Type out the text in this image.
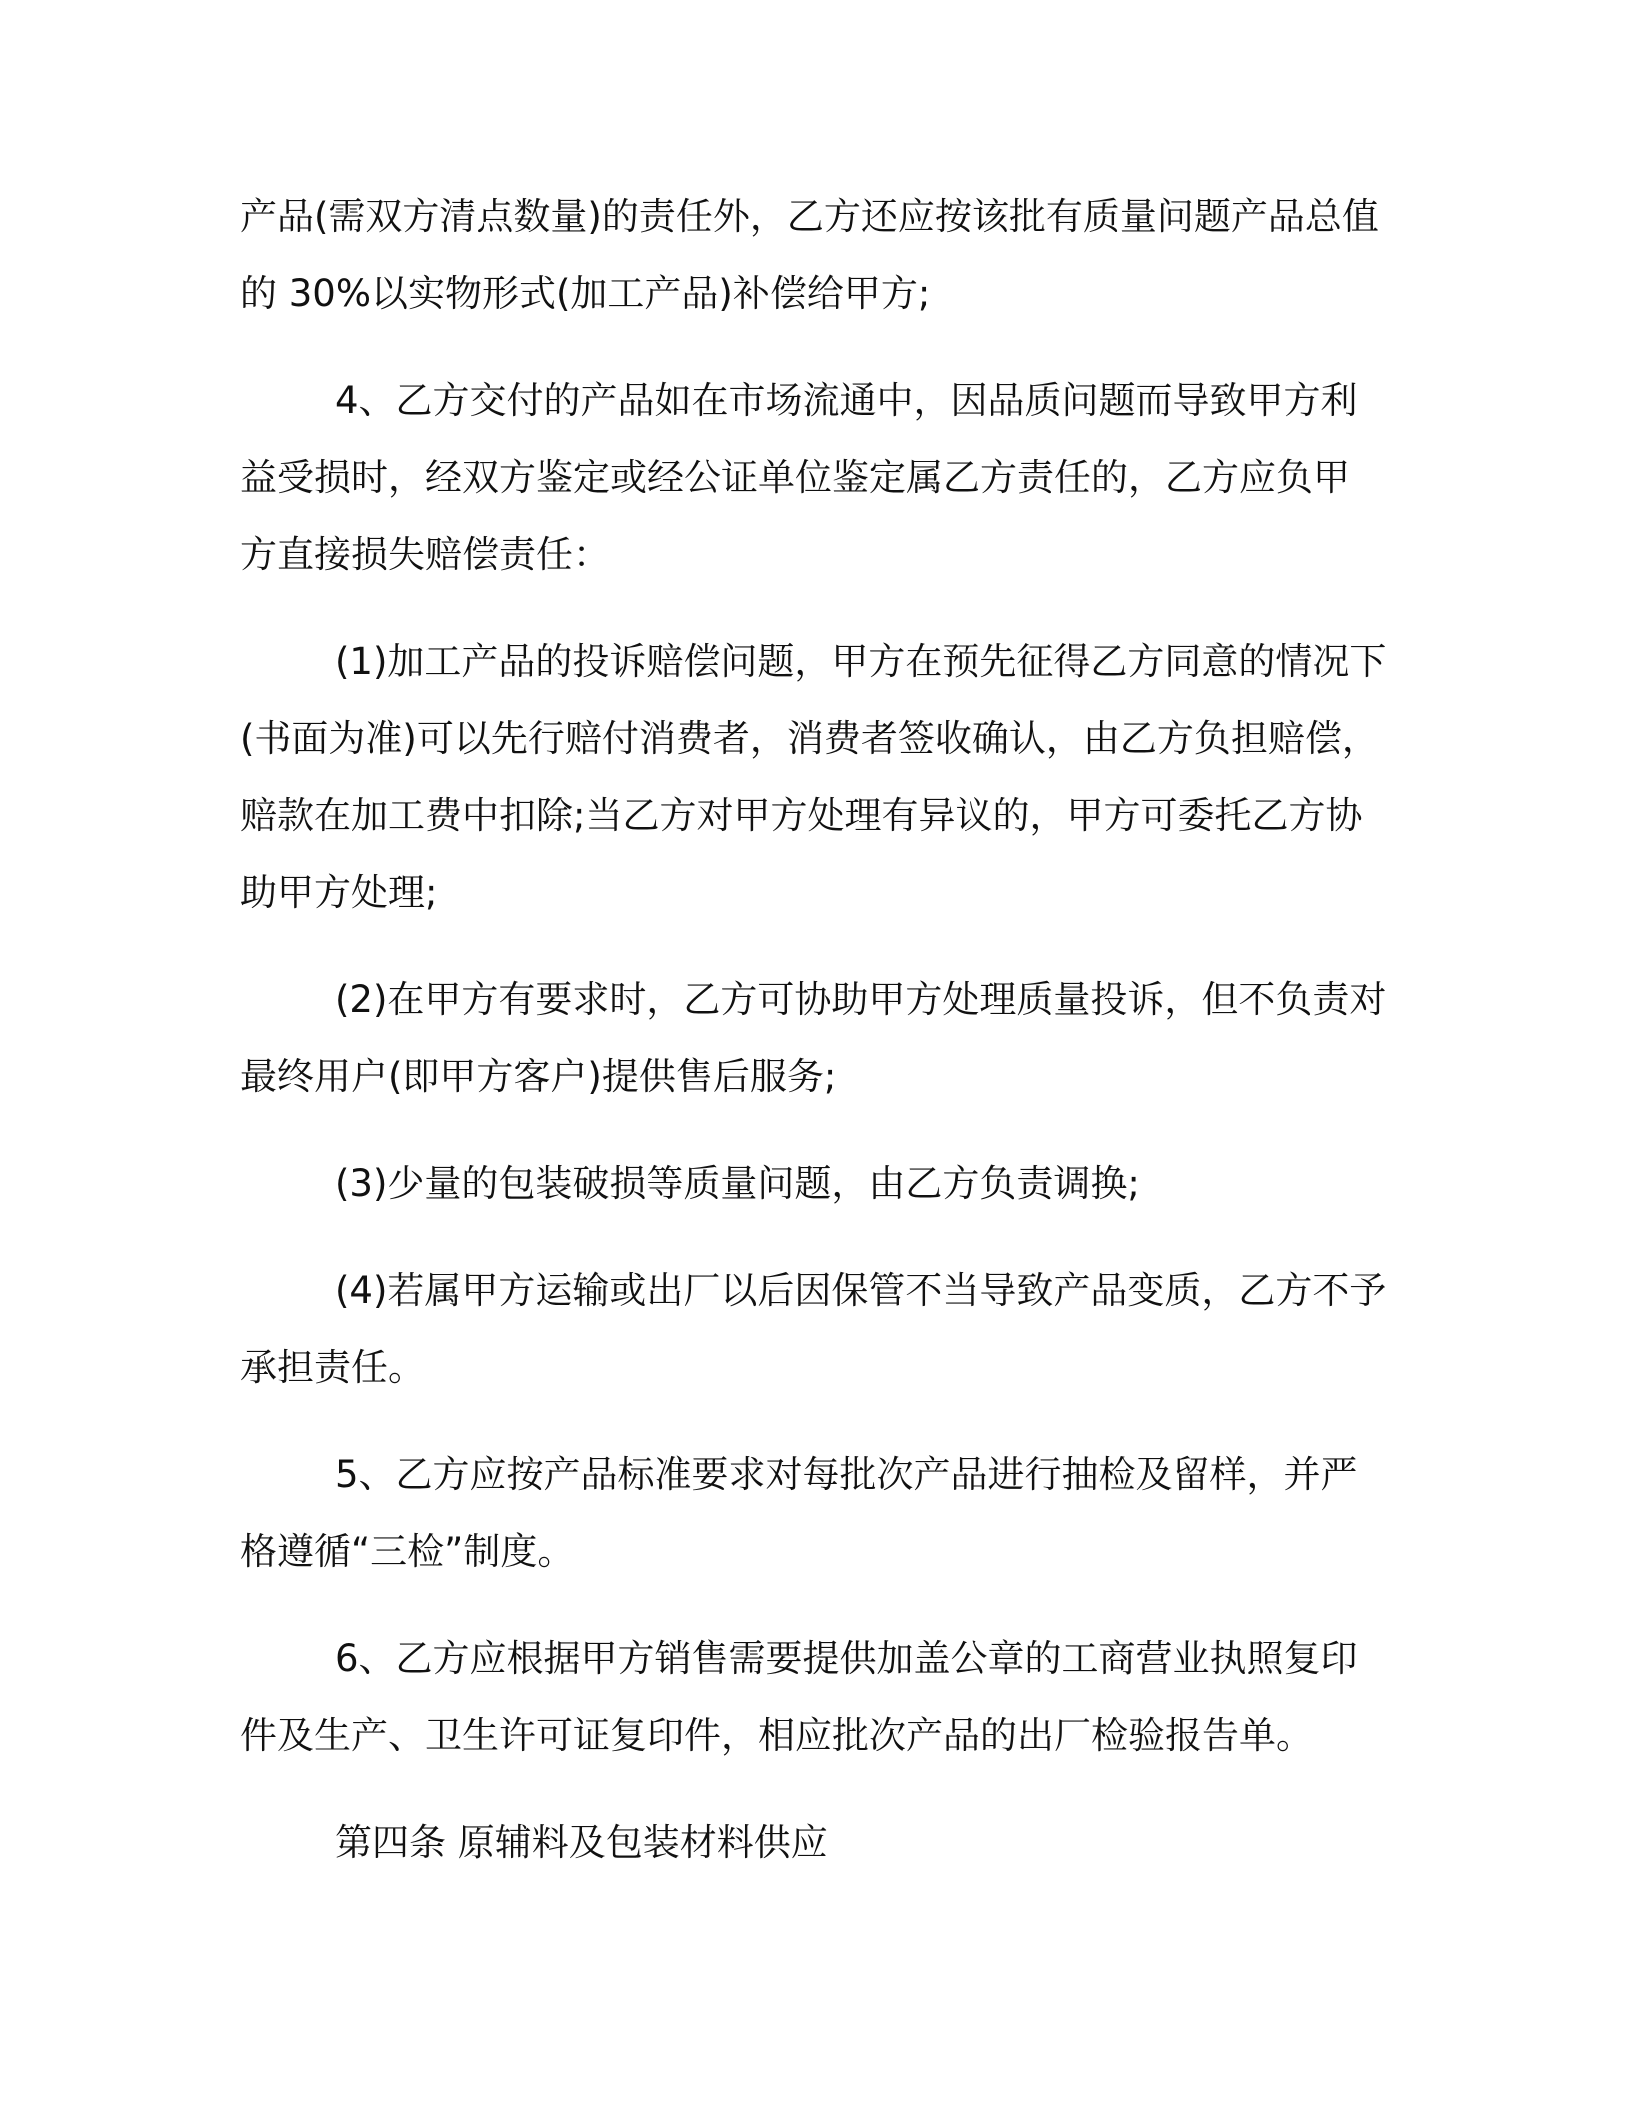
产品(需双方清点数量)的责任外，乙方还应按该批有质量问题产品总值
的 30%以实物形式(加工产品)补偿给甲方;

4、乙方交付的产品如在市场流通中，因品质问题而导致甲方利
益受损时，经双方鉴定或经公证单位鉴定属乙方责任的，乙方应负甲
方直接损失赔偿责任：

(1)加工产品的投诉赔偿问题，甲方在预先征得乙方同意的情况下
(书面为准)可以先行赔付消费者，消费者签收确认，由乙方负担赔偿，
赔款在加工费中扣除;当乙方对甲方处理有异议的，甲方可委托乙方协
助甲方处理;

(2)在甲方有要求时，乙方可协助甲方处理质量投诉，但不负责对
最终用户(即甲方客户)提供售后服务;

(3)少量的包装破损等质量问题，由乙方负责调换;

(4)若属甲方运输或出厂以后因保管不当导致产品变质，乙方不予
承担责任。

5、乙方应按产品标准要求对每批次产品进行抽检及留样，并严
格遵循“三检”制度。

6、乙方应根据甲方销售需要提供加盖公章的工商营业执照复印
件及生产、卫生许可证复印件，相应批次产品的出厂检验报告单。

第四条 原辅料及包装材料供应
